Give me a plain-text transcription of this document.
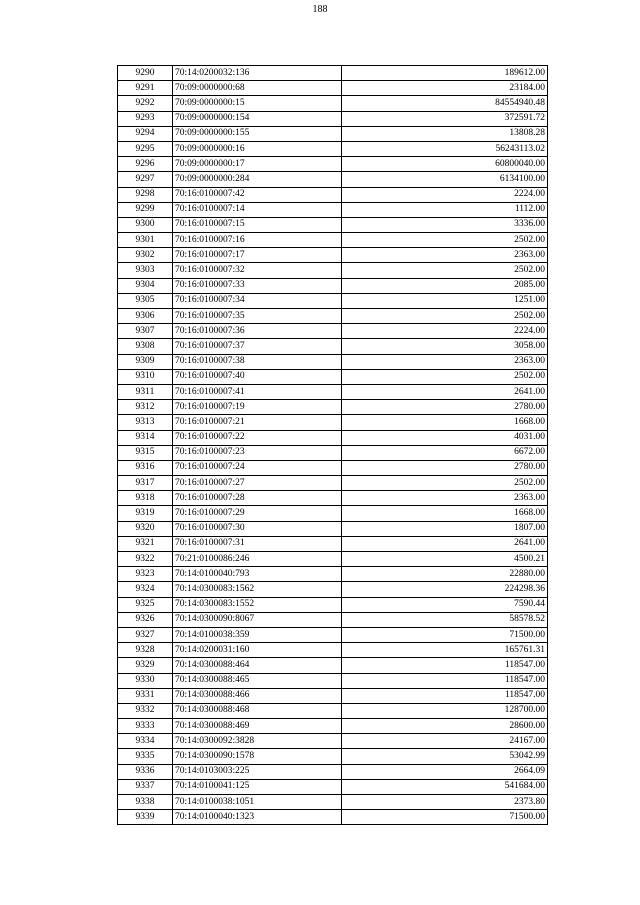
188
9290	70:14:0200032:136	189612.00
9291	70:09:0000000:68	23184.00
9292	70:09:0000000:15	84554940.48
9293	70:09:0000000:154	372591.72
9294	70:09:0000000:155	13808.28
9295	70:09:0000000:16	56243113.02
9296	70:09:0000000:17	60800040.00
9297	70:09:0000000:284	6134100.00
9298	70:16:0100007:42	2224.00
9299	70:16:0100007:14	1112.00
9300	70:16:0100007:15	3336.00
9301	70:16:0100007:16	2502.00
9302	70:16:0100007:17	2363.00
9303	70:16:0100007:32	2502.00
9304	70:16:0100007:33	2085.00
9305	70:16:0100007:34	1251.00
9306	70:16:0100007:35	2502.00
9307	70:16:0100007:36	2224.00
9308	70:16:0100007:37	3058.00
9309	70:16:0100007:38	2363.00
9310	70:16:0100007:40	2502.00
9311	70:16:0100007:41	2641.00
9312	70:16:0100007:19	2780.00
9313	70:16:0100007:21	1668.00
9314	70:16:0100007:22	4031.00
9315	70:16:0100007:23	6672.00
9316	70:16:0100007:24	2780.00
9317	70:16:0100007:27	2502.00
9318	70:16:0100007:28	2363.00
9319	70:16:0100007:29	1668.00
9320	70:16:0100007:30	1807.00
9321	70:16:0100007:31	2641.00
9322	70:21:0100086:246	4500.21
9323	70:14:0100040:793	22880.00
9324	70:14:0300083:1562	224298.36
9325	70:14:0300083:1552	7590.44
9326	70:14:0300090:8067	58578.52
9327	70:14:0100038:359	71500.00
9328	70:14:0200031:160	165761.31
9329	70:14:0300088:464	118547.00
9330	70:14:0300088:465	118547.00
9331	70:14:0300088:466	118547.00
9332	70:14:0300088:468	128700.00
9333	70:14:0300088:469	28600.00
9334	70:14:0300092:3828	24167.00
9335	70:14:0300090:1578	53042.99
9336	70:14:0103003:225	2664.09
9337	70:14:0100041:125	541684.00
9338	70:14:0100038:1051	2373.80
9339	70:14:0100040:1323	71500.00
